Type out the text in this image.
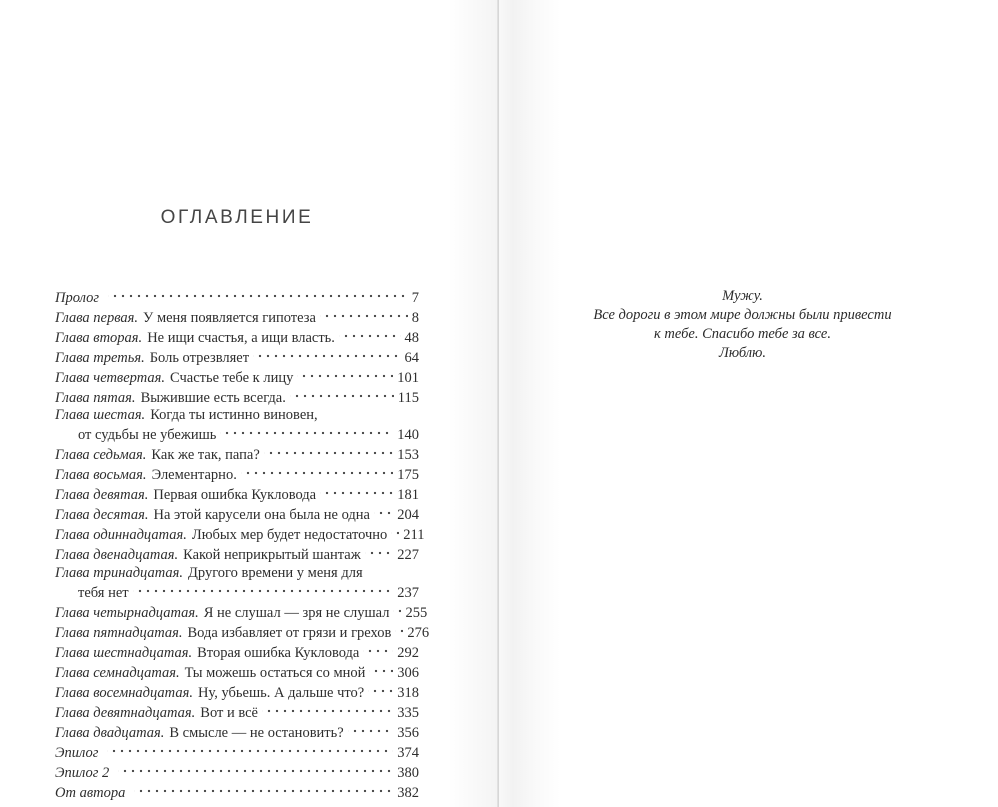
ОГЛАВЛЕНИЕ
Пролог	7
Глава первая. У меня появляется гипотеза	8
Глава вторая. Не ищи счастья, а ищи власть.	48
Глава третья. Боль отрезвляет	64
Глава четвертая. Счастье тебе к лицу	101
Глава пятая. Выжившие есть всегда.	115
Глава шестая. Когда ты истинно виновен,
от судьбы не убежишь	140
Глава седьмая. Как же так, папа?	153
Глава восьмая. Элементарно.	175
Глава девятая. Первая ошибка Кукловода	181
Глава десятая. На этой карусели она была не одна 204
Глава одиннадцатая. Любых мер будет недостаточно 211
Глава двенадцатая. Какой неприкрытый шантаж	227
Глава тринадцатая. Другого времени у меня для
тебя нет	237
Глава четырнадцатая. Я не слушал — зря не слушал 255
Глава пятнадцатая. Вода избавляет от грязи и грехов 276
Глава шестнадцатая. Вторая ошибка Кукловода	292
Глава семнадцатая. Ты можешь остаться со мной 306
Глава восемнадцатая. Ну, убьешь. А дальше что? 318
Глава девятнадцатая. Вот и всё	335
Глава двадцатая. В смысле — не остановить?	356
Эпилог	374
Эпилог 2	380
От автора	382
Мужу.
Все дороги в этом мире должны были привести
к тебе. Спасибо тебе за все.
Люблю.
